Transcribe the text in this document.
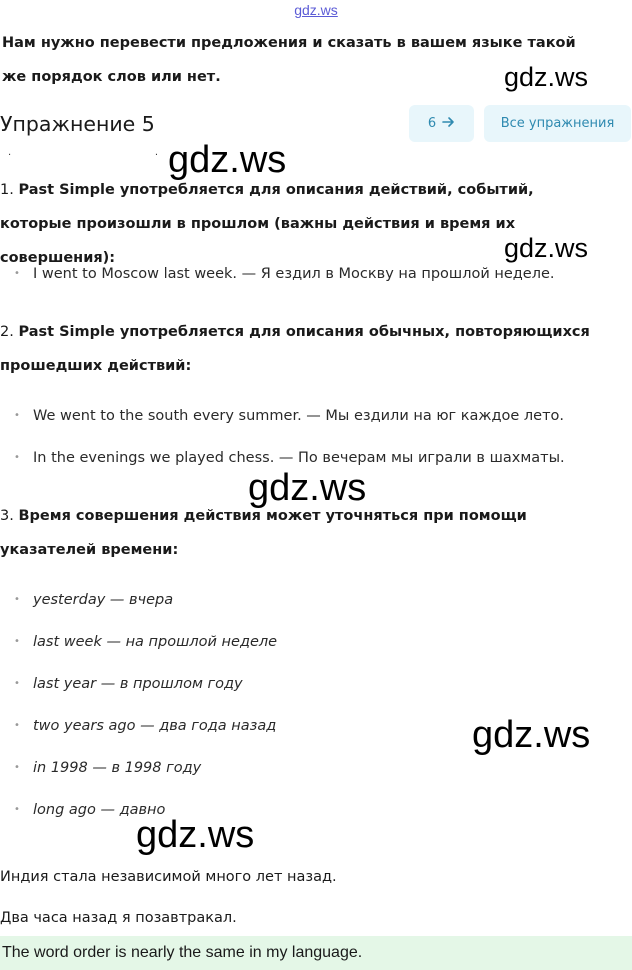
gdz.ws
Нам нужно перевести предложения и сказать в вашем языке такой же порядок слов или нет.	gdz.ws
gdz.ws
gdz.ws
gdz.ws
gdz.ws
gdz.ws
Упражнение 5	6	Все упражнения
·               ·
1. Past Simple употребляется для описания действий, событий, которые произошли в прошлом (важны действия и время их совершения):
• I went to Moscow last week. — Я ездил в Москву на прошлой неделе.
2. Past Simple употребляется для описания обычных, повторяющихся прошедших действий:
• We went to the south every summer. — Мы ездили на юг каждое лето.
• In the evenings we played chess. — По вечерам мы играли в шахматы.
3. Время совершения действия может уточняться при помощи указателей времени:
• yesterday — вчера
• last week — на прошлой неделе
• last year — в прошлом году
• two years ago — два года назад
• in 1998 — в 1998 году
• long ago — давно
Индия стала независимой много лет назад.
Два часа назад я позавтракал.
The word order is nearly the same in my language.
